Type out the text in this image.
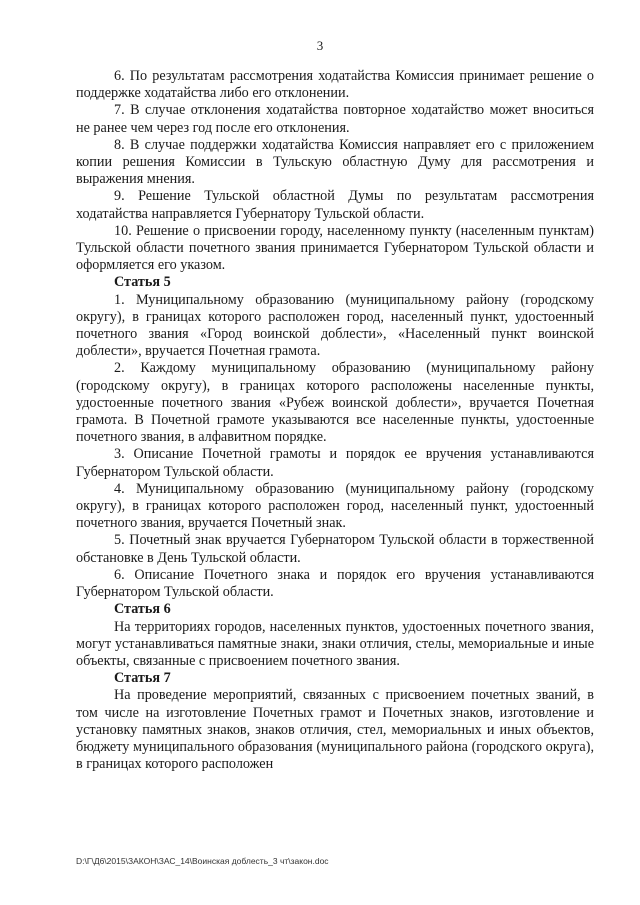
3

6. По результатам рассмотрения ходатайства Комиссия принимает решение о поддержке ходатайства либо его отклонении.

7. В случае отклонения ходатайства повторное ходатайство может вноситься не ранее чем через год после его отклонения.

8. В случае поддержки ходатайства Комиссия направляет его с приложением копии решения Комиссии в Тульскую областную Думу для рассмотрения и выражения мнения.

9. Решение Тульской областной Думы по результатам рассмотрения ходатайства направляется Губернатору Тульской области.

10. Решение о присвоении городу, населенному пункту (населенным пунктам) Тульской области почетного звания принимается Губернатором Тульской области и оформляется его указом.

Статья 5

1. Муниципальному образованию (муниципальному району (городскому округу), в границах которого расположен город, населенный пункт, удостоенный почетного звания «Город воинской доблести», «Населенный пункт воинской доблести», вручается Почетная грамота.

2. Каждому муниципальному образованию (муниципальному району (городскому округу), в границах которого расположены населенные пункты, удостоенные почетного звания «Рубеж воинской доблести», вручается Почетная грамота. В Почетной грамоте указываются все населенные пункты, удостоенные почетного звания, в алфавитном порядке.

3. Описание Почетной грамоты и порядок ее вручения устанавливаются Губернатором Тульской области.

4. Муниципальному образованию (муниципальному району (городскому округу), в границах которого расположен город, населенный пункт, удостоенный почетного звания, вручается Почетный знак.

5. Почетный знак вручается Губернатором Тульской области в торжественной обстановке в День Тульской области.

6. Описание Почетного знака и порядок его вручения устанавливаются Губернатором Тульской области.

Статья 6

На территориях городов, населенных пунктов, удостоенных почетного звания, могут устанавливаться памятные знаки, знаки отличия, стелы, мемориальные и иные объекты, связанные с присвоением почетного звания.

Статья 7

На проведение мероприятий, связанных с присвоением почетных званий, в том числе на изготовление Почетных грамот и Почетных знаков, изготовление и установку памятных знаков, знаков отличия, стел, мемориальных и иных объектов, бюджету муниципального образования (муниципального района (городского округа), в границах которого расположен

D:\Г\Д6\2015\ЗАКОН\ЗАС_14\Воинская доблесть_3 чт\закон.doc
